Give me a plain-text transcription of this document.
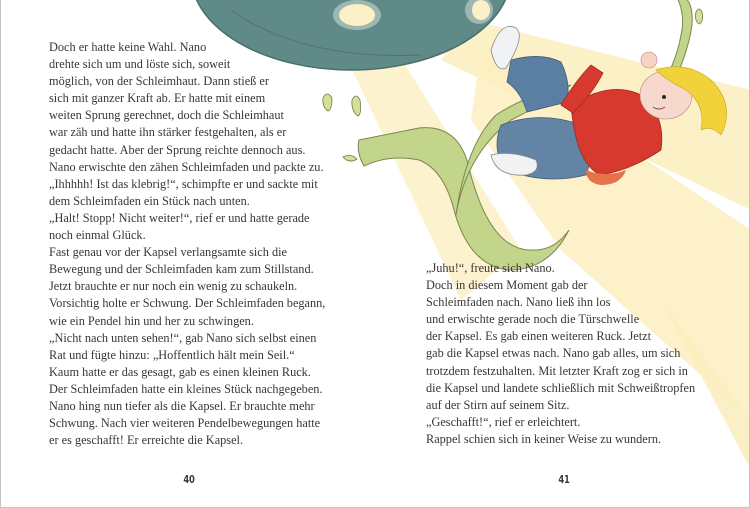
Doch er hatte keine Wahl. Nano
drehte sich um und löste sich, soweit
möglich, von der Schleimhaut. Dann stieß er
sich mit ganzer Kraft ab. Er hatte mit einem
weiten Sprung gerechnet, doch die Schleimhaut
war zäh und hatte ihn stärker festgehalten, als er
gedacht hatte. Aber der Sprung reichte dennoch aus.
Nano erwischte den zähen Schleimfaden und packte zu.
„Ihhhhh! Ist das klebrig!“, schimpfte er und sackte mit
dem Schleimfaden ein Stück nach unten.
„Halt! Stopp! Nicht weiter!“, rief er und hatte gerade
noch einmal Glück.
Fast genau vor der Kapsel verlangsamte sich die
Bewegung und der Schleimfaden kam zum Stillstand.
Jetzt brauchte er nur noch ein wenig zu schaukeln.
Vorsichtig holte er Schwung. Der Schleimfaden begann,
wie ein Pendel hin und her zu schwingen.
„Nicht nach unten sehen!“, gab Nano sich selbst einen
Rat und fügte hinzu: „Hoffentlich hält mein Seil.“
Kaum hatte er das gesagt, gab es einen kleinen Ruck.
Der Schleimfaden hatte ein kleines Stück nachgegeben.
Nano hing nun tiefer als die Kapsel. Er brauchte mehr
Schwung. Nach vier weiteren Pendelbewegungen hatte
er es geschafft! Er erreichte die Kapsel.
„Juhu!“, freute sich Nano.
Doch in diesem Moment gab der
Schleimfaden nach. Nano ließ ihn los
und erwischte gerade noch die Türschwelle
der Kapsel. Es gab einen weiteren Ruck. Jetzt
gab die Kapsel etwas nach. Nano gab alles, um sich
trotzdem festzuhalten. Mit letzter Kraft zog er sich in
die Kapsel und landete schließlich mit Schweißtropfen
auf der Stirn auf seinem Sitz.
„Geschafft!“, rief er erleichtert.
Rappel schien sich in keiner Weise zu wundern.
40	41
